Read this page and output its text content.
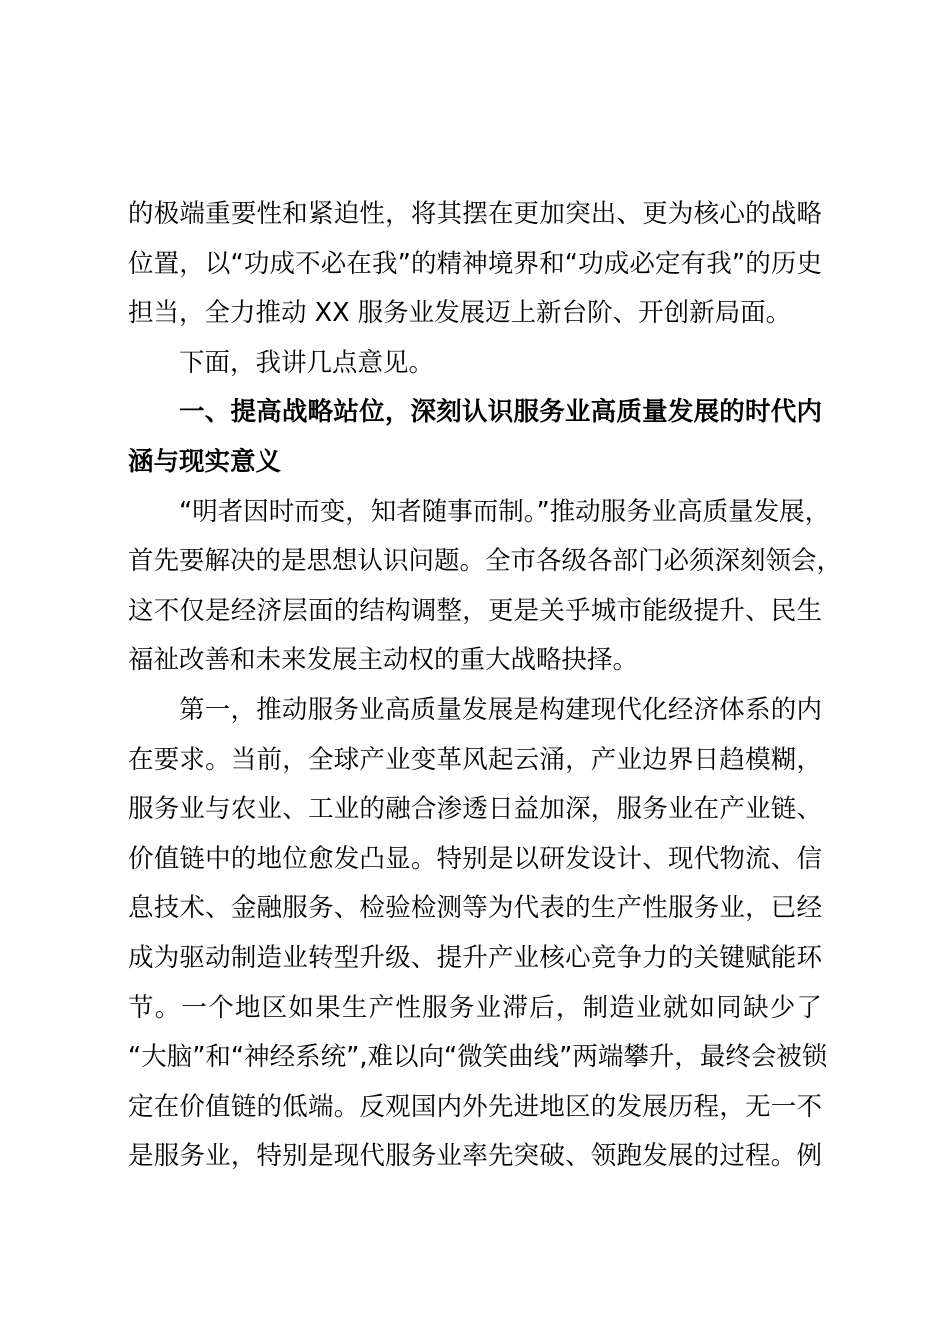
的极端重要性和紧迫性，将其摆在更加突出、更为核心的战略
位置，以“功成不必在我”的精神境界和“功成必定有我”的历史
担当，全力推动 XX 服务业发展迈上新台阶、开创新局面。
下面，我讲几点意见。
一、提高战略站位，深刻认识服务业高质量发展的时代内
涵与现实意义
“明者因时而变，知者随事而制。”推动服务业高质量发展，
首先要解决的是思想认识问题。全市各级各部门必须深刻领会，
这不仅是经济层面的结构调整，更是关乎城市能级提升、民生
福祉改善和未来发展主动权的重大战略抉择。
第一，推动服务业高质量发展是构建现代化经济体系的内
在要求。当前，全球产业变革风起云涌，产业边界日趋模糊，
服务业与农业、工业的融合渗透日益加深，服务业在产业链、
价值链中的地位愈发凸显。特别是以研发设计、现代物流、信
息技术、金融服务、检验检测等为代表的生产性服务业，已经
成为驱动制造业转型升级、提升产业核心竞争力的关键赋能环
节。一个地区如果生产性服务业滞后，制造业就如同缺少了
“大脑”和“神经系统”,难以向“微笑曲线”两端攀升，最终会被锁
定在价值链的低端。反观国内外先进地区的发展历程，无一不
是服务业，特别是现代服务业率先突破、领跑发展的过程。例
